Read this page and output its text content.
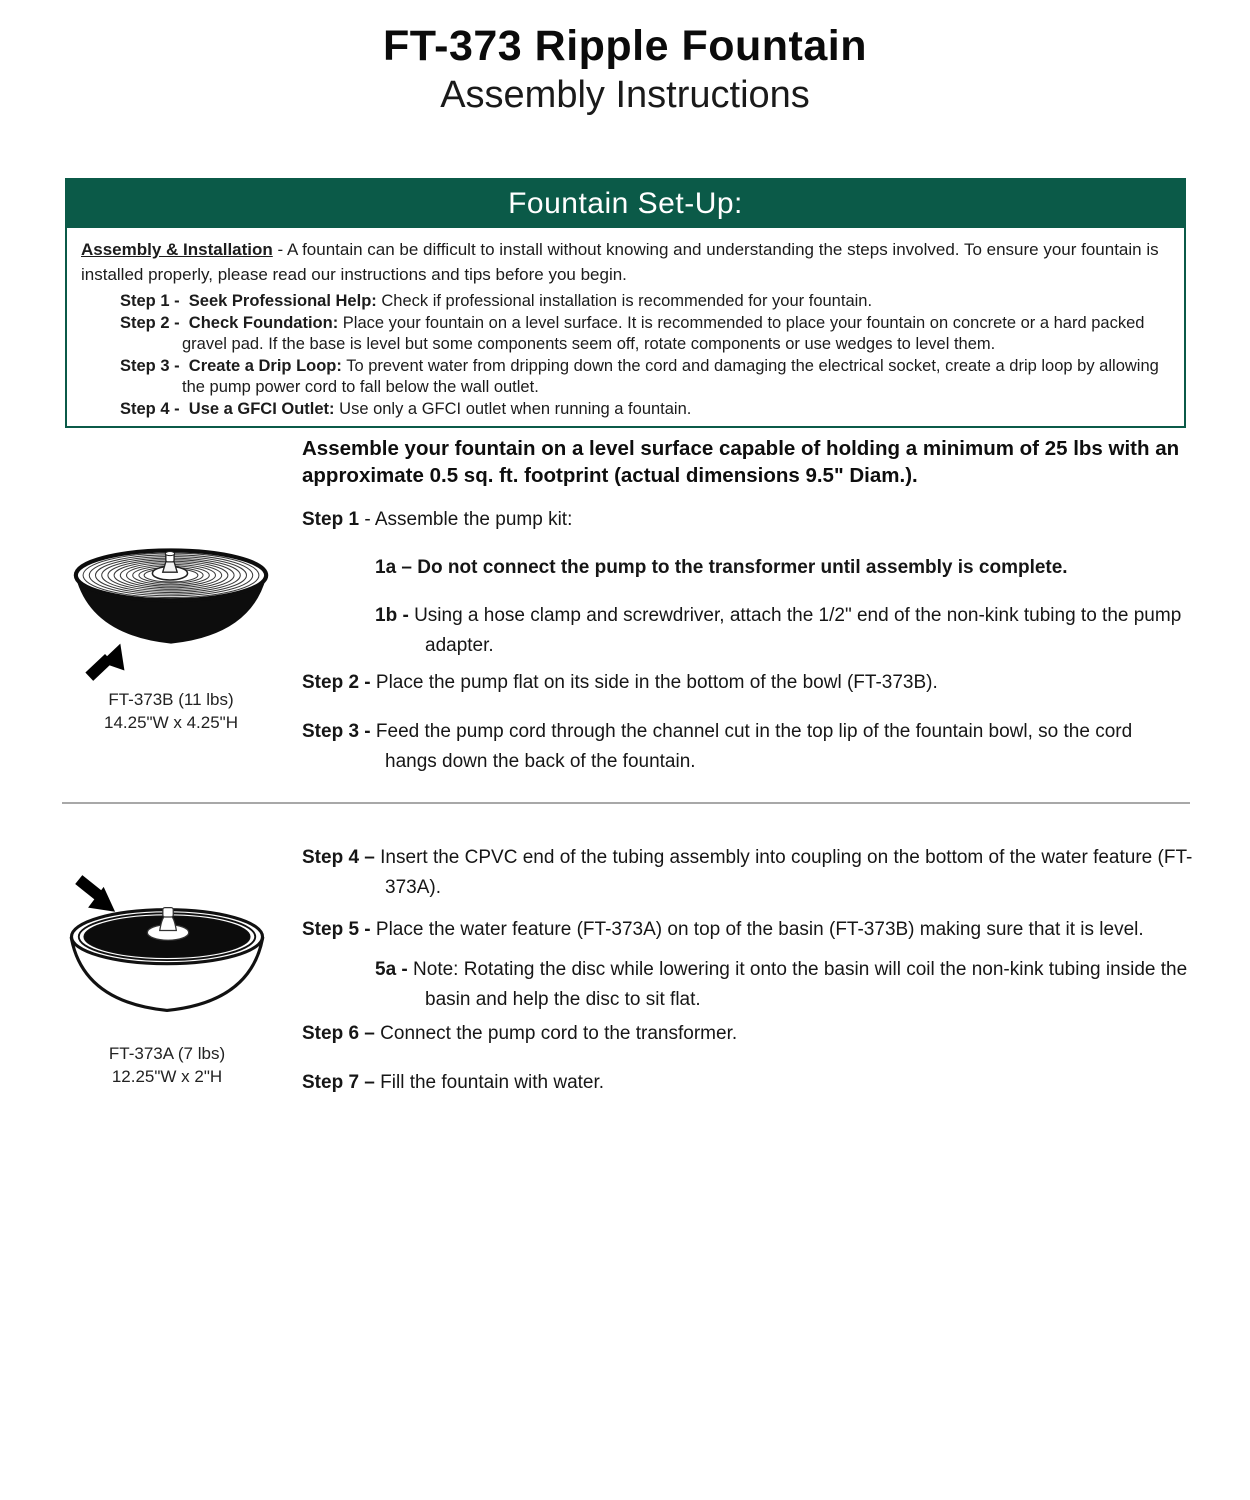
FT-373 Ripple Fountain
Assembly Instructions
Fountain Set-Up:
Assembly & Installation - A fountain can be difficult to install without knowing and understanding the steps involved. To ensure your fountain is installed properly, please read our instructions and tips before you begin.
Step 1 - Seek Professional Help: Check if professional installation is recommended for your fountain.
Step 2 - Check Foundation: Place your fountain on a level surface. It is recommended to place your fountain on concrete or a hard packed gravel pad. If the base is level but some components seem off, rotate components or use wedges to level them.
Step 3 - Create a Drip Loop: To prevent water from dripping down the cord and damaging the electrical socket, create a drip loop by allowing the pump power cord to fall below the wall outlet.
Step 4 - Use a GFCI Outlet: Use only a GFCI outlet when running a fountain.
Assemble your fountain on a level surface capable of holding a minimum of 25 lbs with an approximate 0.5 sq. ft. footprint (actual dimensions 9.5" Diam.).
Step 1 - Assemble the pump kit:
1a – Do not connect the pump to the transformer until assembly is complete.
1b - Using a hose clamp and screwdriver, attach the 1/2" end of the non-kink tubing to the pump adapter.
Step 2 - Place the pump flat on its side in the bottom of the bowl (FT-373B).
Step 3 - Feed the pump cord through the channel cut in the top lip of the fountain bowl, so the cord hangs down the back of the fountain.
FT-373B (11 lbs)
14.25"W x 4.25"H
Step 4 – Insert the CPVC end of the tubing assembly into coupling on the bottom of the water feature (FT-373A).
Step 5 - Place the water feature (FT-373A) on top of the basin (FT-373B) making sure that it is level.
5a - Note: Rotating the disc while lowering it onto the basin will coil the non-kink tubing inside the basin and help the disc to sit flat.
Step 6 – Connect the pump cord to the transformer.
Step 7 – Fill the fountain with water.
FT-373A (7 lbs)
12.25"W x 2"H
